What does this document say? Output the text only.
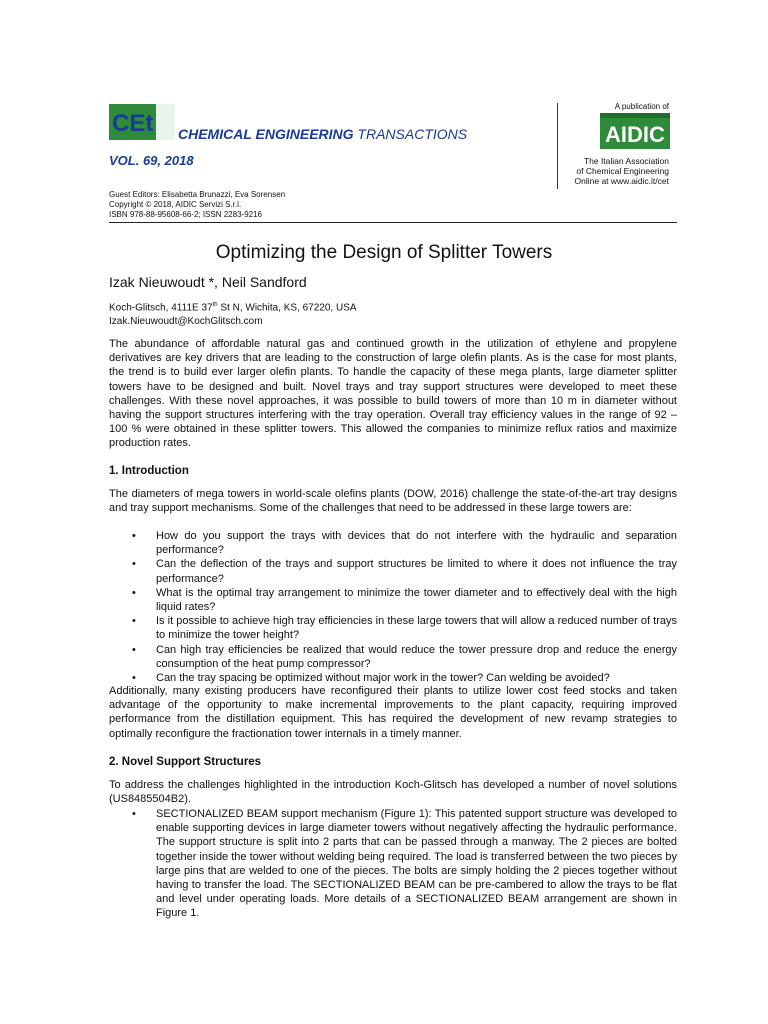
CEt CHEMICAL ENGINEERING TRANSACTIONS
VOL. 69, 2018
A publication of
AIDIC
The Italian Association
of Chemical Engineering
Online at www.aidic.it/cet
Guest Editors: Elisabetta Brunazzi, Eva Sorensen
Copyright © 2018, AIDIC Servizi S.r.l.
ISBN 978-88-95608-66-2; ISSN 2283-9216
Optimizing the Design of Splitter Towers
Izak Nieuwoudt *, Neil Sandford
Koch-Glitsch, 4111E 37th St N, Wichita, KS, 67220, USA
Izak.Nieuwoudt@KochGlitsch.com
The abundance of affordable natural gas and continued growth in the utilization of ethylene and propylene derivatives are key drivers that are leading to the construction of large olefin plants. As is the case for most plants, the trend is to build ever larger olefin plants. To handle the capacity of these mega plants, large diameter splitter towers have to be designed and built. Novel trays and tray support structures were developed to meet these challenges. With these novel approaches, it was possible to build towers of more than 10 m in diameter without having the support structures interfering with the tray operation. Overall tray efficiency values in the range of 92 – 100 % were obtained in these splitter towers. This allowed the companies to minimize reflux ratios and maximize production rates.
1. Introduction
The diameters of mega towers in world-scale olefins plants (DOW, 2016) challenge the state-of-the-art tray designs and tray support mechanisms. Some of the challenges that need to be addressed in these large towers are:
• How do you support the trays with devices that do not interfere with the hydraulic and separation performance?
• Can the deflection of the trays and support structures be limited to where it does not influence the tray performance?
• What is the optimal tray arrangement to minimize the tower diameter and to effectively deal with the high liquid rates?
• Is it possible to achieve high tray efficiencies in these large towers that will allow a reduced number of trays to minimize the tower height?
• Can high tray efficiencies be realized that would reduce the tower pressure drop and reduce the energy consumption of the heat pump compressor?
• Can the tray spacing be optimized without major work in the tower? Can welding be avoided?
Additionally, many existing producers have reconfigured their plants to utilize lower cost feed stocks and taken advantage of the opportunity to make incremental improvements to the plant capacity, requiring improved performance from the distillation equipment. This has required the development of new revamp strategies to optimally reconfigure the fractionation tower internals in a timely manner.
2. Novel Support Structures
To address the challenges highlighted in the introduction Koch-Glitsch has developed a number of novel solutions (US8485504B2).
• SECTIONALIZED BEAM support mechanism (Figure 1): This patented support structure was developed to enable supporting devices in large diameter towers without negatively affecting the hydraulic performance. The support structure is split into 2 parts that can be passed through a manway. The 2 pieces are bolted together inside the tower without welding being required. The load is transferred between the two pieces by large pins that are welded to one of the pieces. The bolts are simply holding the 2 pieces together without having to transfer the load. The SECTIONALIZED BEAM can be pre-cambered to allow the trays to be flat and level under operating loads. More details of a SECTIONALIZED BEAM arrangement are shown in Figure 1.
